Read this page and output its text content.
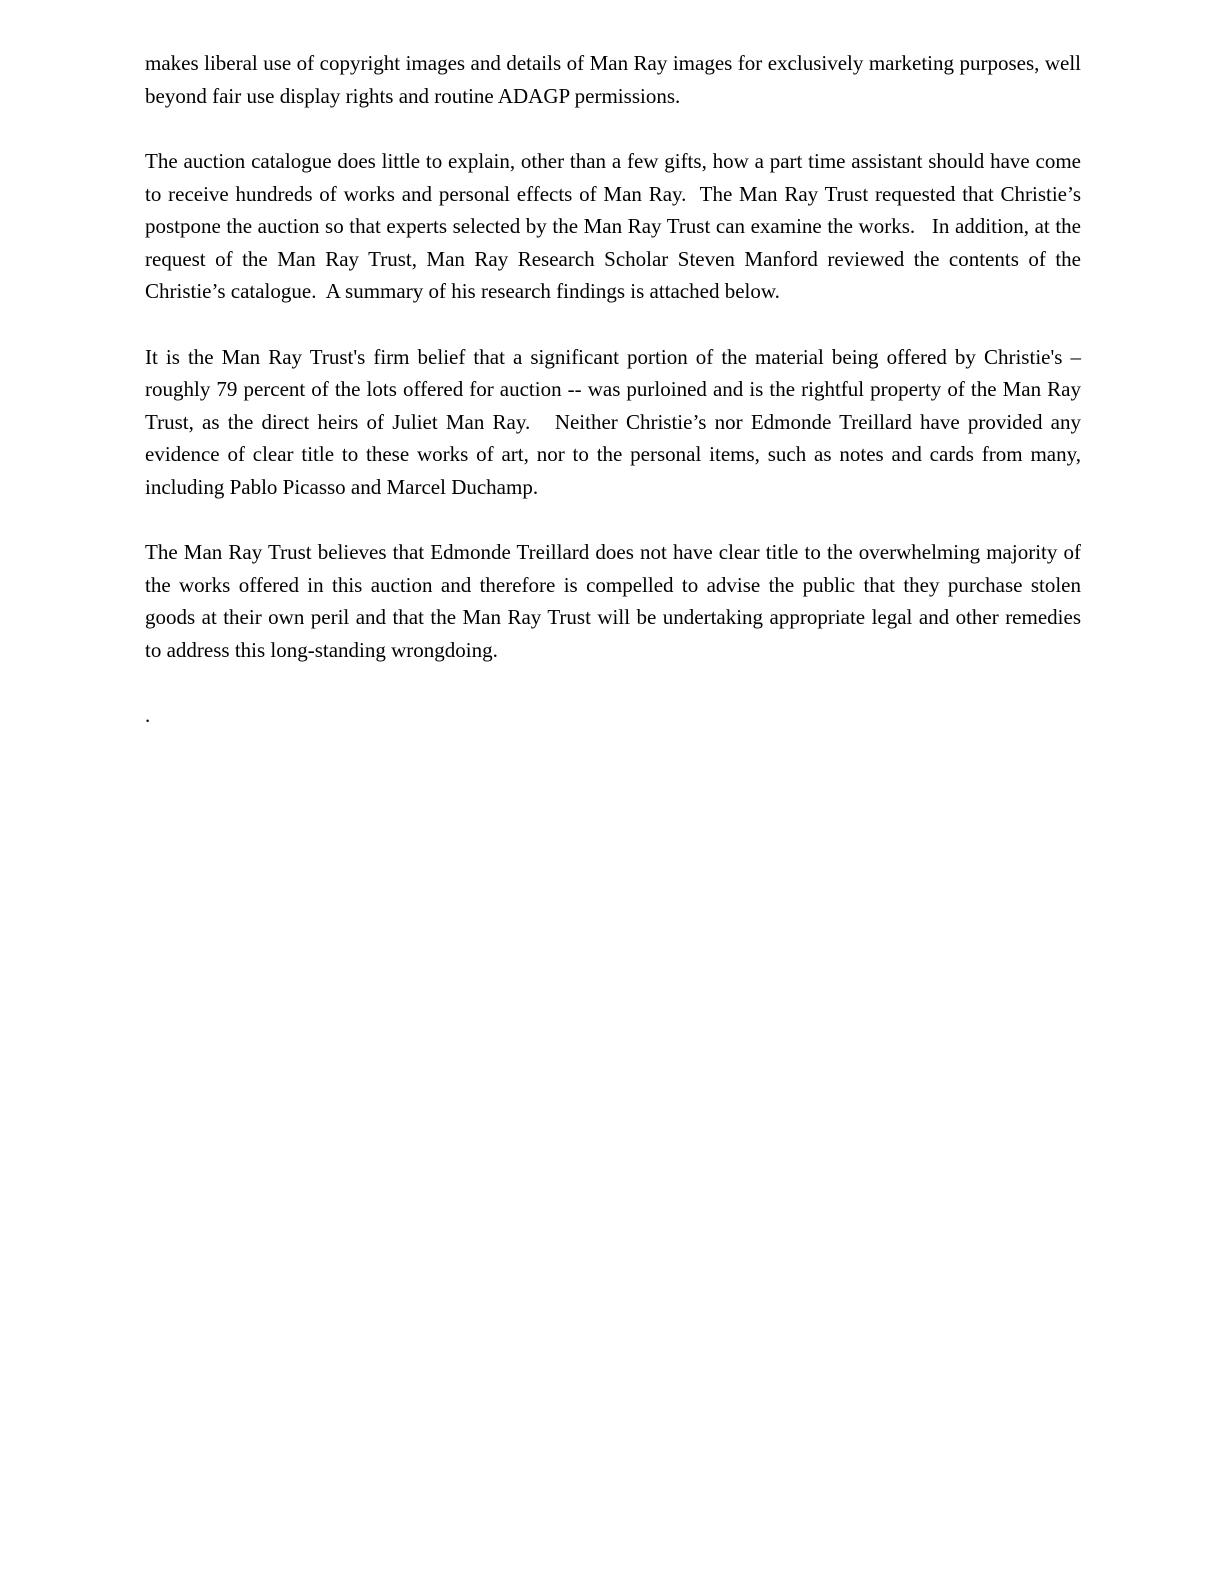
makes liberal use of copyright images and details of Man Ray images for exclusively marketing purposes, well beyond fair use display rights and routine ADAGP permissions.

The auction catalogue does little to explain, other than a few gifts, how a part time assistant should have come to receive hundreds of works and personal effects of Man Ray.  The Man Ray Trust requested that Christie’s postpone the auction so that experts selected by the Man Ray Trust can examine the works.   In addition, at the request of the Man Ray Trust, Man Ray Research Scholar Steven Manford reviewed the contents of the Christie’s catalogue.  A summary of his research findings is attached below.

It is the Man Ray Trust's firm belief that a significant portion of the material being offered by Christie's – roughly 79 percent of the lots offered for auction -- was purloined and is the rightful property of the Man Ray Trust, as the direct heirs of Juliet Man Ray.   Neither Christie’s nor Edmonde Treillard have provided any evidence of clear title to these works of art, nor to the personal items, such as notes and cards from many, including Pablo Picasso and Marcel Duchamp.

The Man Ray Trust believes that Edmonde Treillard does not have clear title to the overwhelming majority of the works offered in this auction and therefore is compelled to advise the public that they purchase stolen goods at their own peril and that the Man Ray Trust will be undertaking appropriate legal and other remedies to address this long-standing wrongdoing.

.
